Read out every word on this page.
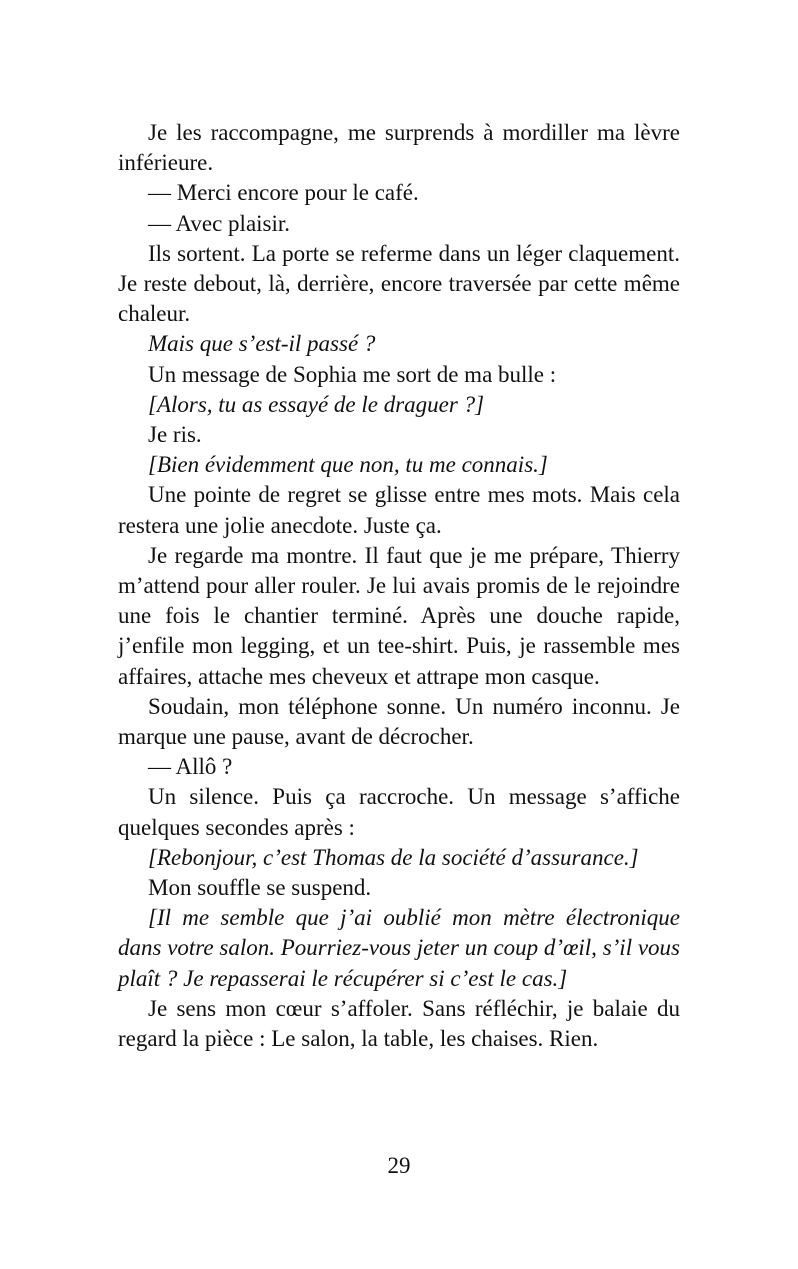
Je les raccompagne, me surprends à mordiller ma lèvre inférieure.

— Merci encore pour le café.

— Avec plaisir.

Ils sortent. La porte se referme dans un léger claquement. Je reste debout, là, derrière, encore traversée par cette même chaleur.

Mais que s’est-il passé ?

Un message de Sophia me sort de ma bulle :

[Alors, tu as essayé de le draguer ?]

Je ris.

[Bien évidemment que non, tu me connais.]

Une pointe de regret se glisse entre mes mots. Mais cela restera une jolie anecdote. Juste ça.

Je regarde ma montre. Il faut que je me prépare, Thierry m’attend pour aller rouler. Je lui avais promis de le rejoindre une fois le chantier terminé. Après une douche rapide, j’enfile mon legging, et un tee-shirt. Puis, je rassemble mes affaires, attache mes cheveux et attrape mon casque.

Soudain, mon téléphone sonne. Un numéro inconnu. Je marque une pause, avant de décrocher.

— Allô ?

Un silence. Puis ça raccroche. Un message s’affiche quelques secondes après :

[Rebonjour, c’est Thomas de la société d’assurance.]

Mon souffle se suspend.

[Il me semble que j’ai oublié mon mètre électronique dans votre salon. Pourriez-vous jeter un coup d’œil, s’il vous plaît ? Je repasserai le récupérer si c’est le cas.]

Je sens mon cœur s’affoler. Sans réfléchir, je balaie du regard la pièce : Le salon, la table, les chaises. Rien.

29
